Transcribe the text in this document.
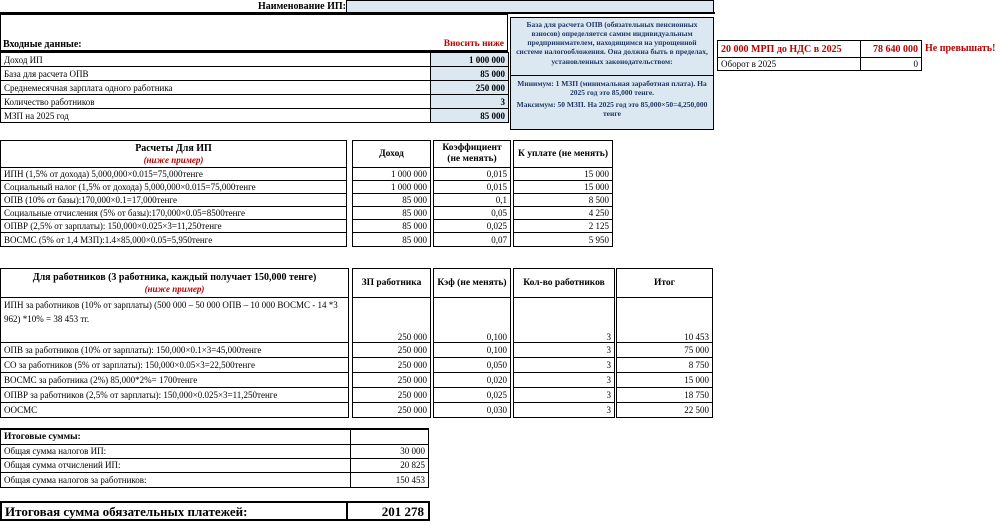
Наименование ИП:
Входные данные:	Вносить ниже
Доход ИП	1 000 000
База для расчета ОПВ	85 000
Среднемесячная зарплата одного работника	250 000
Количество работников	3
МЗП на 2025 год	85 000
База для расчета ОПВ (обязательных пенсионных взносов) определяется самим индивидуальным предпринимателем, находящимся на упрощенной системе налогообложения. Она должна быть в пределах, установленных законодательством:
Минимум: 1 МЗП (минимальная заработная плата). На 2025 год это 85,000 тенге.
Максимум: 50 МЗП. На 2025 год это 85,000×50=4,250,000 тенге
20 000 МРП до НДС в 2025	78 640 000
Оборот в 2025	0
Не превышать!
Расчеты Для ИП
(ниже пример)		Доход		Коэффициент (не менять)		К уплате (не менять)
ИПН (1,5% от дохода) 5,000,000×0.015=75,000тенге		1 000 000		0,015		15 000
Социальный налог (1,5% от дохода) 5,000,000×0.015=75,000тенге		1 000 000		0,015		15 000
ОПВ (10% от базы):170,000×0.1=17,000тенге		85 000		0,1		8 500
Социальные отчисления (5% от базы):170,000×0.05=8500тенге		85 000		0,05		4 250
ОПВР (2,5% от зарплаты): 150,000×0.025×3=11,250тенге		85 000		0,025		2 125
ВОСМС (5% от 1,4 МЗП):1.4×85,000×0.05=5,950тенге		85 000		0,07		5 950
Для работников (3 работника, каждый получает 150,000 тенге)
(ниже пример)		ЗП работника		Кэф (не менять)		Кол-во работников		Итог
ИПН за работников (10% от зарплаты) (500 000 – 50 000 ОПВ – 10 000 ВОСМС - 14 *3 962) *10% = 38 453 тг.		250 000		0,100		3		10 453
ОПВ за работников (10% от зарплаты): 150,000×0.1×3=45,000тенге		250 000		0,100		3		75 000
СО за работников (5% от зарплаты): 150,000×0.05×3=22,500тенге		250 000		0,050		3		8 750
ВОСМС за работника (2%) 85,000*2%= 1700тенге		250 000		0,020		3		15 000
ОПВР за работников (2,5% от зарплаты): 150,000×0.025×3=11,250тенге		250 000		0,025		3		18 750
ООСМС		250 000		0,030		3		22 500
Итоговые суммы:	
Общая сумма налогов ИП:	30 000
Общая сумма отчислений ИП:	20 825
Общая сумма налогов за работников:	150 453
Итоговая сумма обязательных платежей:	201 278
